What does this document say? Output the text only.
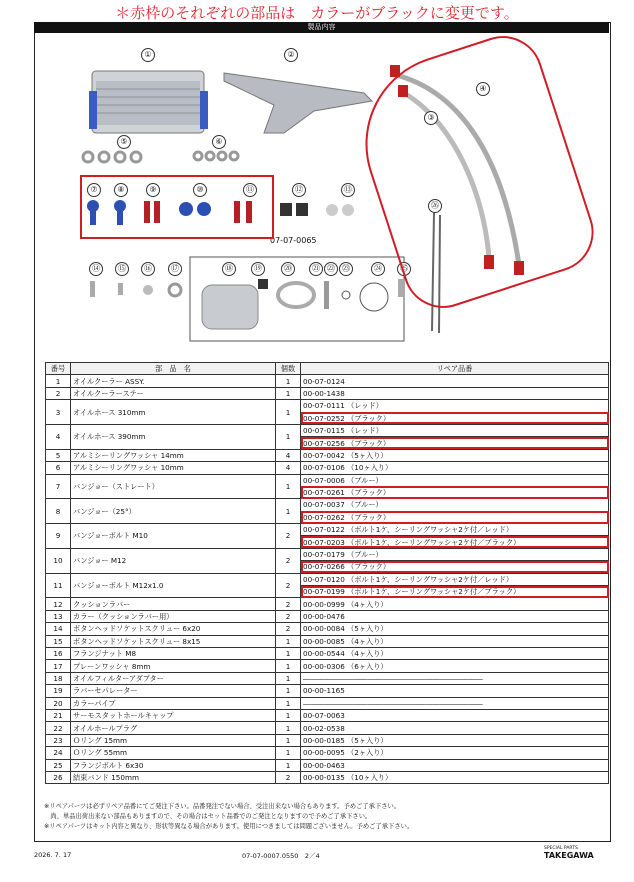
＊赤枠のそれぞれの部品は　カラーがブラックに変更です。
製品内容
①	②
③
④
⑤	⑥
⑦	⑧	⑨	⑩	⑪	⑫	⑬
㉖
⑭	⑮	⑯	⑰	⑱	⑲	⑳	㉑ ㉒ ㉓	㉔	㉕
07-07-0065
番号	部　品　名	個数	リペア品番
1	オイルクーラー ASSY.	1	00-07-0124
2	オイルクーラーステー	1	00-00-1438
3	オイルホース 310mm	1	00-07-0111 （レッド）
			00-07-0252 （ブラック）
4	オイルホース 390mm	1	00-07-0115 （レッド）
			00-07-0256 （ブラック）
5	アルミシーリングワッシャ 14mm	4	00-07-0042 （5ヶ入り）
6	アルミシーリングワッシャ 10mm	4	00-07-0106 （10ヶ入り）
7	バンジョー（ストレート）	1	00-07-0006 （ブルー）
			00-07-0261 （ブラック）
8	バンジョー（25°）	1	00-07-0037 （ブルー）
			00-07-0262 （ブラック）
9	バンジョーボルト M10	2	00-07-0122 （ボルト1ケ、シーリングワッシャ2ケ付／レッド）
			00-07-0203 （ボルト1ケ、シーリングワッシャ2ケ付／ブラック）
10	バンジョー M12	2	00-07-0179 （ブルー）
			00-07-0266 （ブラック）
11	バンジョーボルト M12x1.0	2	00-07-0120 （ボルト1ケ、シーリングワッシャ2ケ付／レッド）
			00-07-0199 （ボルト1ケ、シーリングワッシャ2ケ付／ブラック）
12	クッションラバー	2	00-00-0999 （4ヶ入り）
13	カラー（クッションラバー用）	2	00-00-0476
14	ボタンヘッドソケットスクリュー 6x20	2	00-00-0084 （5ヶ入り）
15	ボタンヘッドソケットスクリュー 8x15	1	00-00-0085 （4ヶ入り）
16	フランジナット M8	1	00-00-0544 （4ヶ入り）
17	プレーンワッシャ 8mm	1	00-00-0306 （6ヶ入り）
18	オイルフィルターアダプター	1	―――――――――――――――――――――――――
19	ラバーセパレーター	1	00-00-1165
20	カラーパイプ	1	―――――――――――――――――――――――――
21	サーモスタットホールキャップ	1	00-07-0063
22	オイルホールプラグ	1	00-02-0538
23	Ｏリング 15mm	1	00-00-0185 （5ヶ入り）
24	Ｏリング 55mm	1	00-00-0095 （2ヶ入り）
25	フランジボルト 6x30	1	00-00-0463
26	結束バンド 150mm	2	00-00-0135 （10ヶ入り）
※リペアパーツは必ずリペア品番にてご発注下さい。品番発注でない場合、受注出来ない場合もあります。予めご了承下さい。
　尚、単品出荷出来ない部品もありますので、その場合はセット品番でのご発注となりますので予めご了承下さい。
※リペアパーツはキット内容と異なり、形状等異なる場合があります。使用につきましては問題ございません。予めご了承下さい。
2026. 7. 17	07-07-0007.0550　 2／4
SPECIAL PARTS
TAKEGAWA
